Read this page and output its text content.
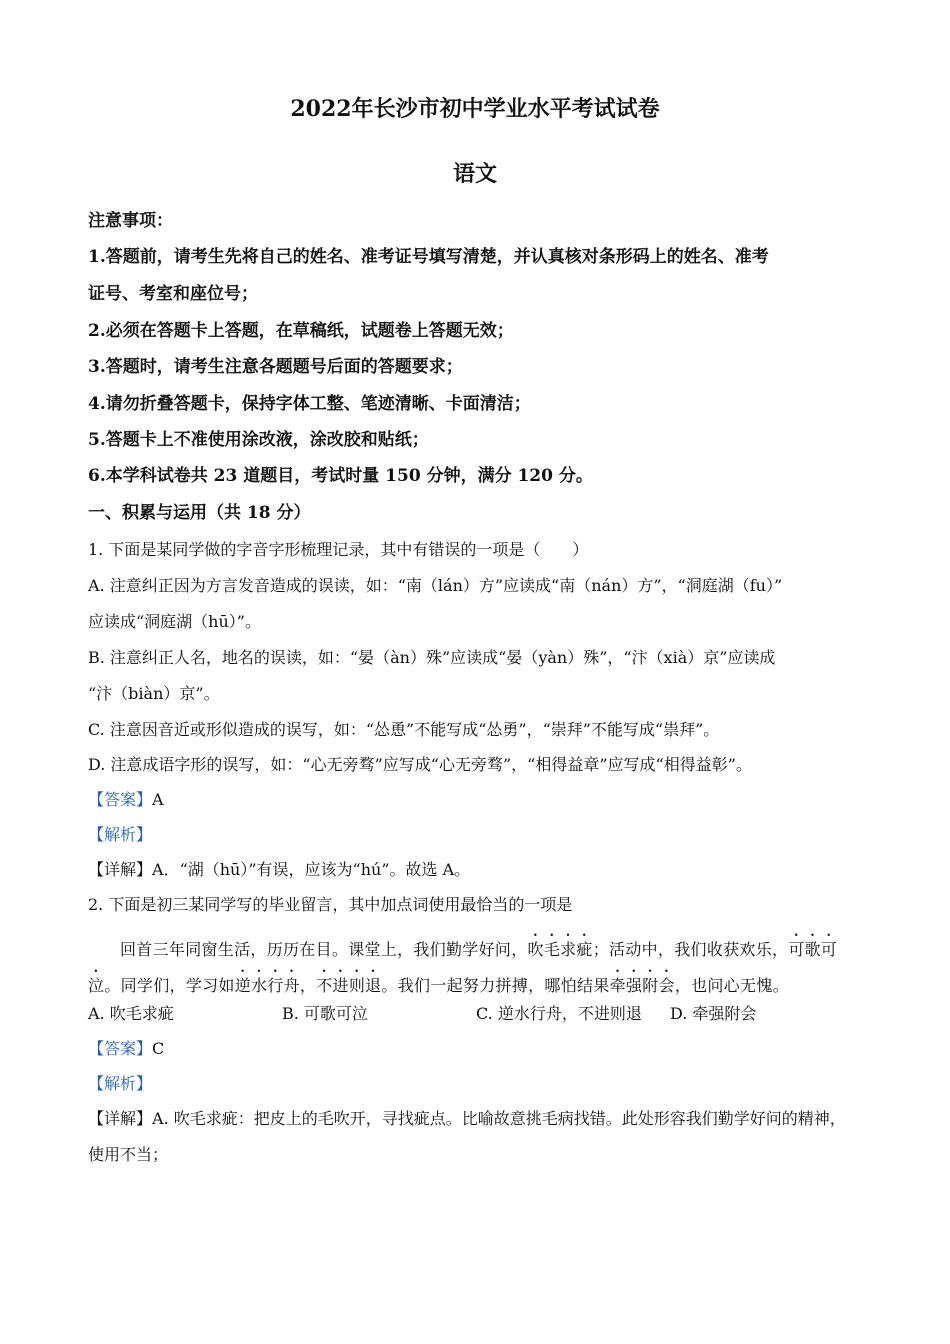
2022年长沙市初中学业水平考试试卷
语文
注意事项：
1.答题前，请考生先将自己的姓名、准考证号填写清楚，并认真核对条形码上的姓名、准考
证号、考室和座位号；
2.必须在答题卡上答题，在草稿纸，试题卷上答题无效；
3.答题时，请考生注意各题题号后面的答题要求；
4.请勿折叠答题卡，保持字体工整、笔迹清晰、卡面清洁；
5.答题卡上不准使用涂改液，涂改胶和贴纸；
6.本学科试卷共 23 道题目，考试时量 150 分钟，满分 120 分。
一、积累与运用（共 18 分）
1. 下面是某同学做的字音字形梳理记录，其中有错误的一项是（　　）
A. 注意纠正因为方言发音造成的误读，如：“南（lán）方”应读成“南（nán）方”，“洞庭湖（fu）”
应读成“洞庭湖（hū）”。
B. 注意纠正人名，地名的误读，如：“晏（àn）殊”应读成“晏（yàn）殊”，“汴（xià）京”应读成
“汴（biàn）京”。
C. 注意因音近或形似造成的误写，如：“怂恿”不能写成“怂勇”，“崇拜”不能写成“祟拜”。
D. 注意成语字形的误写，如：“心无旁骛”应写成“心无旁骛”，“相得益章”应写成“相得益彰”。
【答案】A
【解析】
【详解】A．“湖（hū）”有误，应该为“hú”。故选 A。
2. 下面是初三某同学写的毕业留言，其中加点词使用最恰当的一项是
回首三年同窗生活，历历在目。课堂上，我们勤学好问，吹毛求疵；活动中，我们收获欢乐，可歌可
泣。同学们，学习如逆水行舟，不进则退。我们一起努力拼搏，哪怕结果牵强附会，也问心无愧。
A. 吹毛求疵	B. 可歌可泣	C. 逆水行舟，不进则退 D. 牵强附会
【答案】C
【解析】
【详解】A. 吹毛求疵：把皮上的毛吹开，寻找疵点。比喻故意挑毛病找错。此处形容我们勤学好问的精神，
使用不当；
